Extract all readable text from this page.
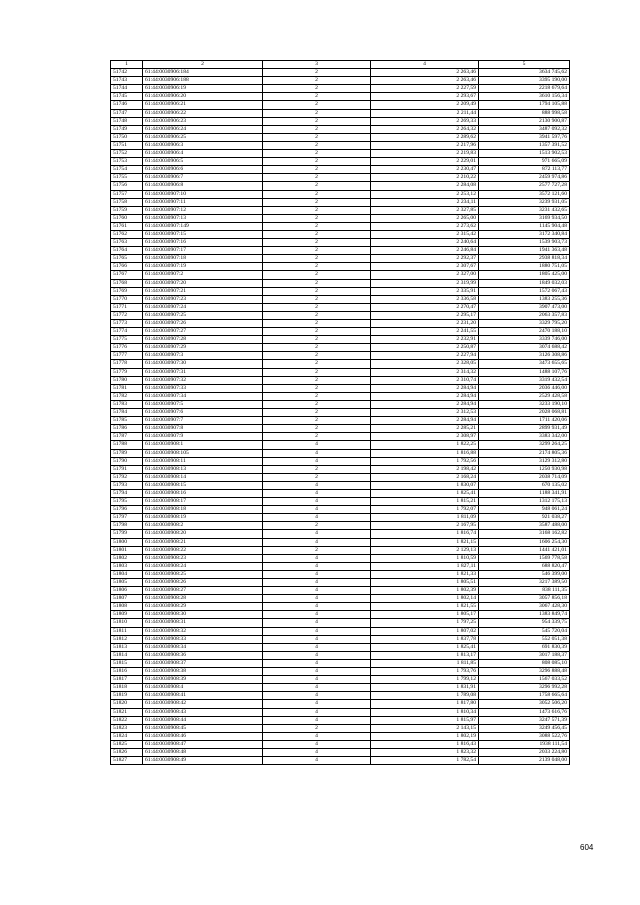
1	2	3	4	5
51742	61:44:0030906:184	2	2 263,46	3634 745,62
51743	61:44:0030906:188	2	2 263,46	3395 190,00
51744	61:44:0030906:19	2	2 227,59	2218 679,64
51745	61:44:0030906:20	2	2 293,67	3610 156,34
51746	61:44:0030906:21	2	2 209,49	1794 105,88
51747	61:44:0030906:22	2	2 211,44	888 998,58
51748	61:44:0030906:23	2	2 269,33	2130 900,87
51749	61:44:0030906:24	2	2 264,32	3487 092,32
51750	61:44:0030906:25	2	2 289,62	3941 597,76
51751	61:44:0030906:3	2	2 217,96	1357 391,52
51752	61:44:0030906:4	2	2 219,83	1513 902,53
51753	61:44:0030906:5	2	2 229,01	971 665,09
51754	61:44:0030906:6	2	2 230,47	872 113,77
51755	61:44:0030906:7	2	2 210,22	2459 974,86
51756	61:44:0030906:8	2	2 284,08	2577 727,28
51757	61:44:0030907:10	2	2 253,12	3572 121,60
51758	61:44:0030907:11	2	2 234,11	3239 931,05
51759	61:44:0030907:12	2	2 327,85	3231 432,65
51760	61:44:0030907:13	2	2 265,00	3169 934,50
51761	61:44:0030907:149	2	2 273,62	1145 904,48
51762	61:44:0030907:15	2	2 315,42	3172 340,84
51763	61:44:0030907:16	2	2 240,64	1539 903,73
51764	61:44:0030907:17	2	2 246,84	1941 363,48
51765	61:44:0030907:18	2	2 292,37	2938 818,34
51766	61:44:0030907:19	2	2 307,67	1880 751,05
51767	61:44:0030907:2	2	2 327,00	1805 425,00
51768	61:44:0030907:20	2	2 319,99	1849 032,03
51769	61:44:0030907:21	2	2 335,91	1572 067,43
51770	61:44:0030907:23	2	2 336,58	1383 255,36
51771	61:44:0030907:24	2	2 270,47	3907 473,00
51772	61:44:0030907:25	2	2 295,17	2063 357,83
51773	61:44:0030907:26	2	2 231,20	3329 795,20
51774	61:44:0030907:27	2	2 241,55	2470 188,10
51775	61:44:0030907:28	2	2 232,91	3339 746,00
51776	61:44:0030907:29	2	2 250,87	3074 688,42
51777	61:44:0030907:3	2	2 227,94	3126 308,86
51778	61:44:0030907:30	2	2 328,05	3473 655,65
51779	61:44:0030907:31	2	2 314,32	1488 107,76
51780	61:44:0030907:32	2	2 310,74	3319 432,54
51781	61:44:0030907:33	2	2 284,94	2036 446,00
51782	61:44:0030907:34	2	2 284,94	2529 428,58
51783	61:44:0030907:5	2	2 284,94	3233 190,10
51784	61:44:0030907:6	2	2 312,53	2028 068,81
51785	61:44:0030907:7	2	2 284,94	1711 420,06
51786	61:44:0030907:8	2	2 285,21	2899 931,49
51787	61:44:0030907:9	2	2 308,97	3383 342,00
51788	61:44:0030908:1	4	1 822,25	3299 264,25
51789	61:44:0030908:105	4	1 816,88	2174 805,36
51790	61:44:0030908:11	4	1 792,56	3129 312,80
51791	61:44:0030908:13	2	2 198,42	1250 930,98
51792	61:44:0030908:14	2	2 168,24	2038 714,09
51793	61:44:0030908:15	4	1 830,07	670 135,02
51794	61:44:0030908:16	4	1 825,41	1188 341,91
51795	61:44:0030908:17	4	1 815,21	1312 175,13
51796	61:44:0030908:18	4	1 792,07	948 061,24
51797	61:44:0030908:19	4	1 811,09	921 038,27
51798	61:44:0030908:2	2	2 167,95	3587 488,00
51799	61:44:0030908:20	4	1 816,74	3168 162,82
51800	61:44:0030908:21	4	1 821,15	1606 254,30
51801	61:44:0030908:22	2	2 129,13	1441 421,01
51802	61:44:0030908:23	4	1 810,59	1569 778,58
51803	61:44:0030908:24	4	1 827,11	688 820,47
51804	61:44:0030908:25	4	1 821,33	546 399,00
51805	61:44:0030908:26	4	1 805,51	3217 389,50
51806	61:44:0030908:27	4	1 802,39	838 111,35
51807	61:44:0030908:28	4	1 802,14	3057 856,18
51808	61:44:0030908:29	4	1 821,55	3067 428,30
51809	61:44:0030908:30	4	1 805,17	1383 849,74
51810	61:44:0030908:31	4	1 797,25	954 339,75
51811	61:44:0030908:32	4	1 807,02	545 720,04
51812	61:44:0030908:33	4	1 837,78	552 051,38
51813	61:44:0030908:34	4	1 825,41	691 830,39
51814	61:44:0030908:36	4	1 813,17	3017 188,37
51815	61:44:0030908:37	4	1 811,85	808 085,10
51816	61:44:0030908:38	4	1 793,76	3296 888,48
51817	61:44:0030908:39	4	1 799,12	1567 033,52
51818	61:44:0030908:4	4	1 831,91	3296 992,28
51819	61:44:0030908:41	4	1 789,08	1758 665,64
51820	61:44:0030908:42	4	1 817,80	3052 506,20
51821	61:44:0030908:43	4	1 810,34	1473 616,76
51822	61:44:0030908:44	4	1 815,97	3247 571,39
51823	61:44:0030908:45	2	2 143,15	3249 456,45
51824	61:44:0030908:46	4	1 802,19	3088 522,76
51825	61:44:0030908:47	4	1 816,43	1938 111,54
51826	61:44:0030908:48	4	1 823,32	2033 224,80
51827	61:44:0030908:49	4	1 782,54	2139 048,00
604
